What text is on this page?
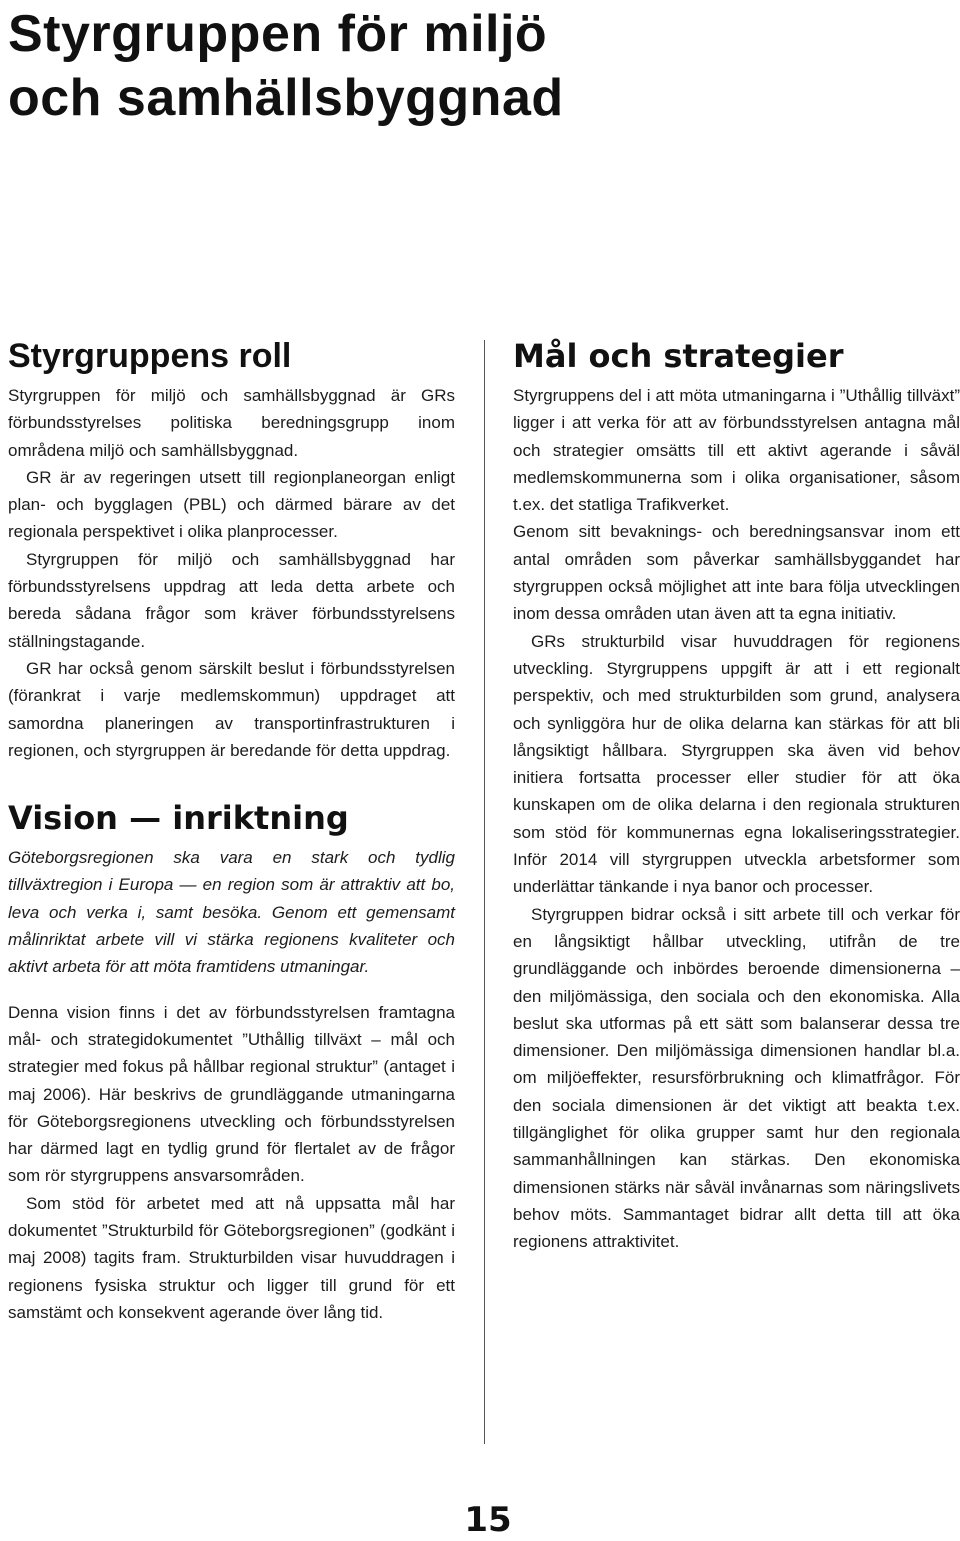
Styrgruppen för miljö
och samhällsbyggnad
Styrgruppens roll

Styrgruppen för miljö och samhällsbyggnad är GRs förbundsstyrelses politiska beredningsgrupp inom områdena miljö och samhällsbyggnad.

GR är av regeringen utsett till regionplaneorgan enligt plan- och bygglagen (PBL) och därmed bärare av det regionala perspektivet i olika planprocesser.

Styrgruppen för miljö och samhällsbyggnad har förbundsstyrelsens uppdrag att leda detta arbete och bereda sådana frågor som kräver förbundsstyrelsens ställningstagande.

GR har också genom särskilt beslut i förbundsstyrelsen (förankrat i varje medlemskommun) uppdraget att samordna planeringen av transportinfrastrukturen i regionen, och styrgruppen är beredande för detta uppdrag.

Vision — inriktning

Göteborgsregionen ska vara en stark och tydlig tillväxtregion i Europa — en region som är attraktiv att bo, leva och verka i, samt besöka. Genom ett gemensamt målinriktat arbete vill vi stärka regionens kvaliteter och aktivt arbeta för att möta framtidens utmaningar.

Denna vision finns i det av förbundsstyrelsen framtagna mål- och strategidokumentet ”Uthållig tillväxt – mål och strategier med fokus på hållbar regional struktur” (antaget i maj 2006). Här beskrivs de grundläggande utmaningarna för Göteborgsregionens utveckling och förbundsstyrelsen har därmed lagt en tydlig grund för flertalet av de frågor som rör styrgruppens ansvarsområden.

Som stöd för arbetet med att nå uppsatta mål har dokumentet ”Strukturbild för Göteborgsregionen” (godkänt i maj 2008) tagits fram. Strukturbilden visar huvuddragen i regionens fysiska struktur och ligger till grund för ett samstämt och konsekvent agerande över lång tid.

Mål och strategier

Styrgruppens del i att möta utmaningarna i ”Uthållig tillväxt” ligger i att verka för att av förbundsstyrelsen antagna mål och strategier omsätts till ett aktivt agerande i såväl medlemskommunerna som i olika organisationer, såsom t.ex. det statliga Trafikverket.

Genom sitt bevaknings- och beredningsansvar inom ett antal områden som påverkar samhällsbyggandet har styrgruppen också möjlighet att inte bara följa utvecklingen inom dessa områden utan även att ta egna initiativ.

GRs strukturbild visar huvuddragen för regionens utveckling. Styrgruppens uppgift är att i ett regionalt perspektiv, och med strukturbilden som grund, analysera och synliggöra hur de olika delarna kan stärkas för att bli långsiktigt hållbara. Styrgruppen ska även vid behov initiera fortsatta processer eller studier för att öka kunskapen om de olika delarna i den regionala strukturen som stöd för kommunernas egna lokaliseringsstrategier. Inför 2014 vill styrgruppen utveckla arbetsformer som underlättar tänkande i nya banor och processer.

Styrgruppen bidrar också i sitt arbete till och verkar för en långsiktigt hållbar utveckling, utifrån de tre grundläggande och inbördes beroende dimensionerna – den miljömässiga, den sociala och den ekonomiska. Alla beslut ska utformas på ett sätt som balanserar dessa tre dimensioner. Den miljömässiga dimensionen handlar bl.a. om miljöeffekter, resursförbrukning och klimatfrågor. För den sociala dimensionen är det viktigt att beakta t.ex. tillgänglighet för olika grupper samt hur den regionala sammanhållningen kan stärkas. Den ekonomiska dimensionen stärks när såväl invånarnas som näringslivets behov möts. Sammantaget bidrar allt detta till att öka regionens attraktivitet.

15
